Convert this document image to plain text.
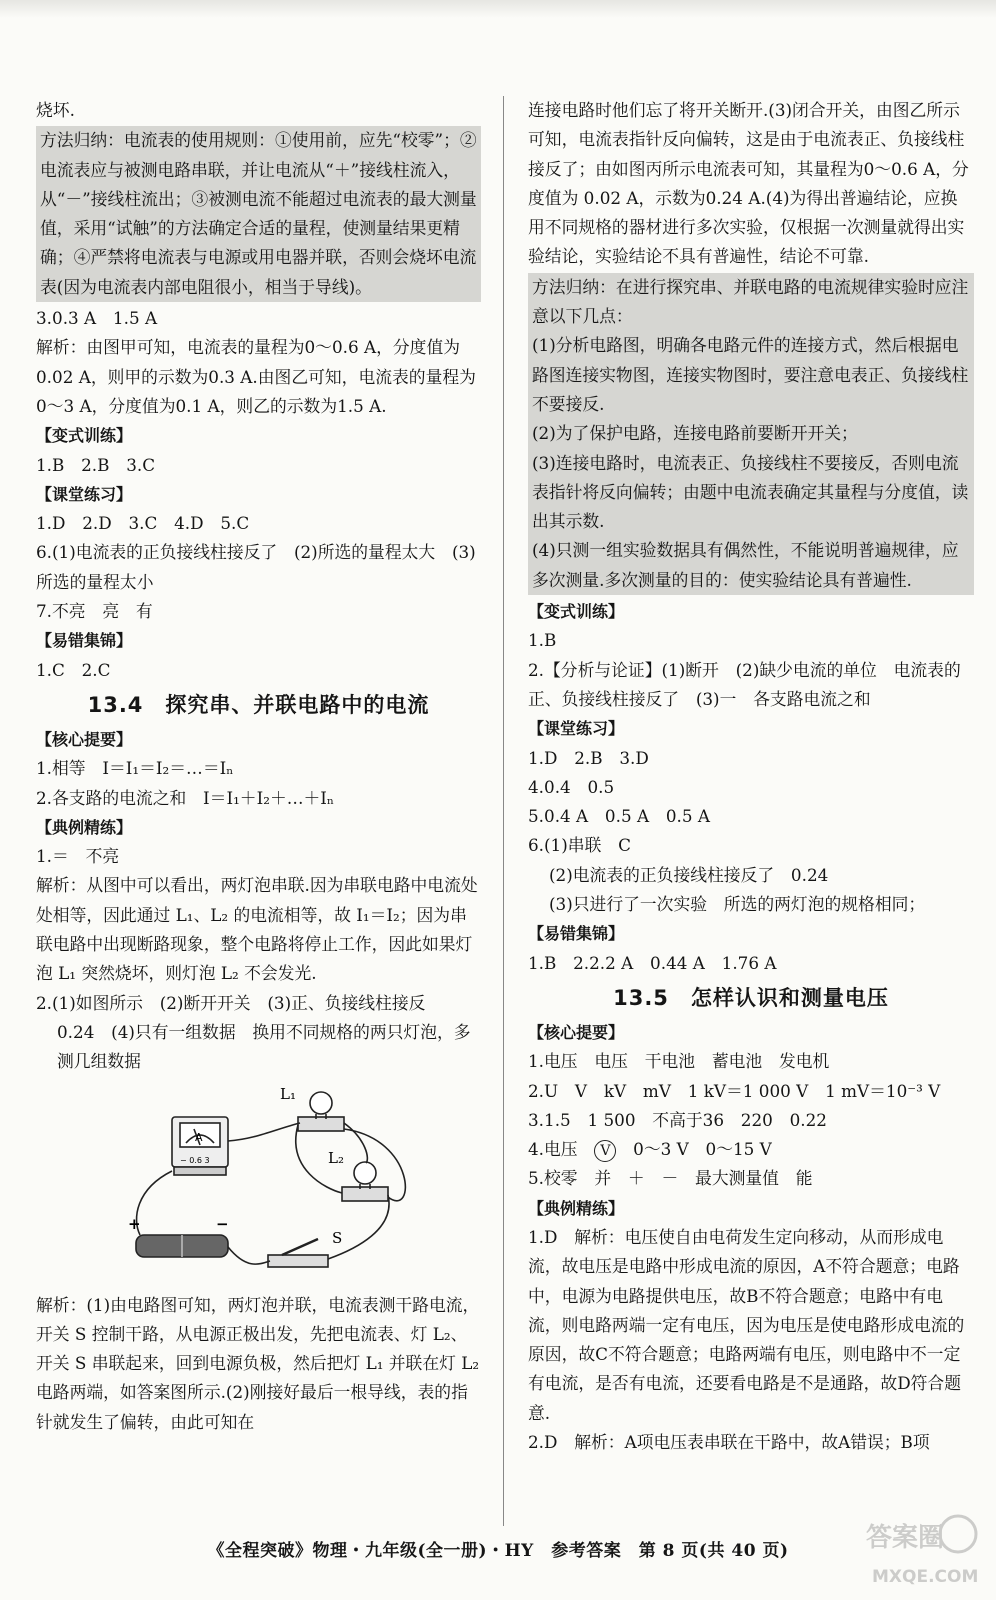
烧坏.

方法归纳：电流表的使用规则：①使用前，应先“校零”；②电流表应与被测电路串联，并让电流从“＋”接线柱流入，从“－”接线柱流出；③被测电流不能超过电流表的最大测量值，采用“试触”的方法确定合适的量程，使测量结果更精确；④严禁将电流表与电源或用电器并联，否则会烧坏电流表(因为电流表内部电阻很小，相当于导线)。

3.0.3 A　1.5 A

解析：由图甲可知，电流表的量程为0～0.6 A，分度值为0.02 A，则甲的示数为0.3 A.由图乙可知，电流表的量程为0～3 A，分度值为0.1 A，则乙的示数为1.5 A.

【变式训练】

1.B　2.B　3.C

【课堂练习】

1.D　2.D　3.C　4.D　5.C

6.(1)电流表的正负接线柱接反了　(2)所选的量程太大　(3)所选的量程太小

7.不亮　亮　有

【易错集锦】

1.C　2.C

13.4　探究串、并联电路中的电流

【核心提要】

1.相等　I＝I₁＝I₂＝…＝Iₙ

2.各支路的电流之和　I＝I₁＋I₂＋…＋Iₙ

【典例精练】

1.＝　不亮

解析：从图中可以看出，两灯泡串联.因为串联电路中电流处处相等，因此通过 L₁、L₂ 的电流相等，故 I₁＝I₂；因为串联电路中出现断路现象，整个电路将停止工作，因此如果灯泡 L₁ 突然烧坏，则灯泡 L₂ 不会发光.

2.(1)如图所示　(2)断开开关　(3)正、负接线柱接反

0.24　(4)只有一组数据　换用不同规格的两只灯泡，多测几组数据

L₁
L₂
S
+	−
A
− 0.6 3

解析：(1)由电路图可知，两灯泡并联，电流表测干路电流，开关 S 控制干路，从电源正极出发，先把电流表、灯 L₂、开关 S 串联起来，回到电源负极，然后把灯 L₁ 并联在灯 L₂ 电路两端，如答案图所示.(2)刚接好最后一根导线，表的指针就发生了偏转，由此可知在

连接电路时他们忘了将开关断开.(3)闭合开关，由图乙所示可知，电流表指针反向偏转，这是由于电流表正、负接线柱接反了；由如图丙所示电流表可知，其量程为0～0.6 A，分度值为 0.02 A，示数为0.24 A.(4)为得出普遍结论，应换用不同规格的器材进行多次实验，仅根据一次测量就得出实验结论，实验结论不具有普遍性，结论不可靠.

方法归纳：在进行探究串、并联电路的电流规律实验时应注意以下几点：

(1)分析电路图，明确各电路元件的连接方式，然后根据电路图连接实物图，连接实物图时，要注意电表正、负接线柱不要接反.

(2)为了保护电路，连接电路前要断开开关；

(3)连接电路时，电流表正、负接线柱不要接反，否则电流表指针将反向偏转；由题中电流表确定其量程与分度值，读出其示数.

(4)只测一组实验数据具有偶然性，不能说明普遍规律，应多次测量.多次测量的目的：使实验结论具有普遍性.

【变式训练】

1.B

2.【分析与论证】(1)断开　(2)缺少电流的单位　电流表的正、负接线柱接反了　(3)一　各支路电流之和

【课堂练习】

1.D　2.B　3.D

4.0.4　0.5

5.0.4 A　0.5 A　0.5 A

6.(1)串联　C

(2)电流表的正负接线柱接反了　0.24

(3)只进行了一次实验　所选的两灯泡的规格相同；

【易错集锦】

1.B　2.2.2 A　0.44 A　1.76 A

13.5　怎样认识和测量电压

【核心提要】

1.电压　电压　干电池　蓄电池　发电机

2.U　V　kV　mV　1 kV＝1 000 V　1 mV＝10⁻³ V

3.1.5　1 500　不高于36　220　0.22

4.电压　 V　 0～3 V　0～15 V

5.校零　并　＋　－　最大测量值　能

【典例精练】

1.D　解析：电压使自由电荷发生定向移动，从而形成电流，故电压是电路中形成电流的原因，A不符合题意；电路中，电源为电路提供电压，故B不符合题意；电路中有电流，则电路两端一定有电压，因为电压是使电路形成电流的原因，故C不符合题意；电路两端有电压，则电路中不一定有电流，是否有电流，还要看电路是不是通路，故D符合题意.

2.D　解析：A项电压表串联在干路中，故A错误；B项

《全程突破》物理・九年级(全一册)・HY　参考答案　第 8 页(共 40 页)	答案圈
MXQE.COM
